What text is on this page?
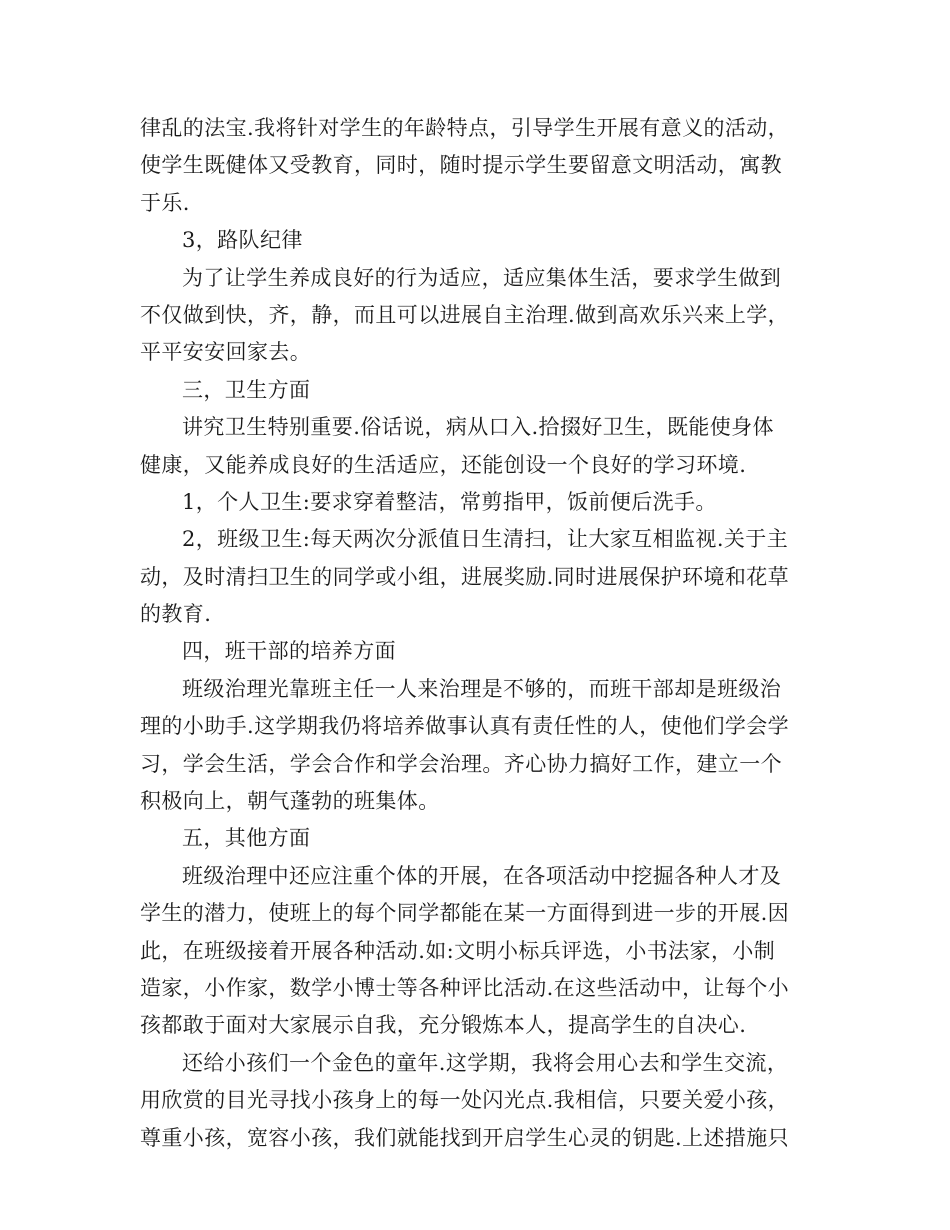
律乱的法宝.我将针对学生的年龄特点，引导学生开展有意义的活动，
使学生既健体又受教育，同时，随时提示学生要留意文明活动，寓教
于乐.
3，路队纪律
为了让学生养成良好的行为适应，适应集体生活，要求学生做到
不仅做到快，齐，静，而且可以进展自主治理.做到高欢乐兴来上学，
平平安安回家去。
三，卫生方面
讲究卫生特别重要.俗话说，病从口入.拾掇好卫生，既能使身体
健康，又能养成良好的生活适应，还能创设一个良好的学习环境.
1，个人卫生:要求穿着整洁，常剪指甲，饭前便后洗手。
2，班级卫生:每天两次分派值日生清扫，让大家互相监视.关于主
动，及时清扫卫生的同学或小组，进展奖励.同时进展保护环境和花草
的教育.
四，班干部的培养方面
班级治理光靠班主任一人来治理是不够的，而班干部却是班级治
理的小助手.这学期我仍将培养做事认真有责任性的人，使他们学会学
习，学会生活，学会合作和学会治理。齐心协力搞好工作，建立一个
积极向上，朝气蓬勃的班集体。
五，其他方面
班级治理中还应注重个体的开展，在各项活动中挖掘各种人才及
学生的潜力，使班上的每个同学都能在某一方面得到进一步的开展.因
此，在班级接着开展各种活动.如:文明小标兵评选，小书法家，小制
造家，小作家，数学小博士等各种评比活动.在这些活动中，让每个小
孩都敢于面对大家展示自我，充分锻炼本人，提高学生的自决心.
还给小孩们一个金色的童年.这学期，我将会用心去和学生交流，
用欣赏的目光寻找小孩身上的每一处闪光点.我相信，只要关爱小孩，
尊重小孩，宽容小孩，我们就能找到开启学生心灵的钥匙.上述措施只
